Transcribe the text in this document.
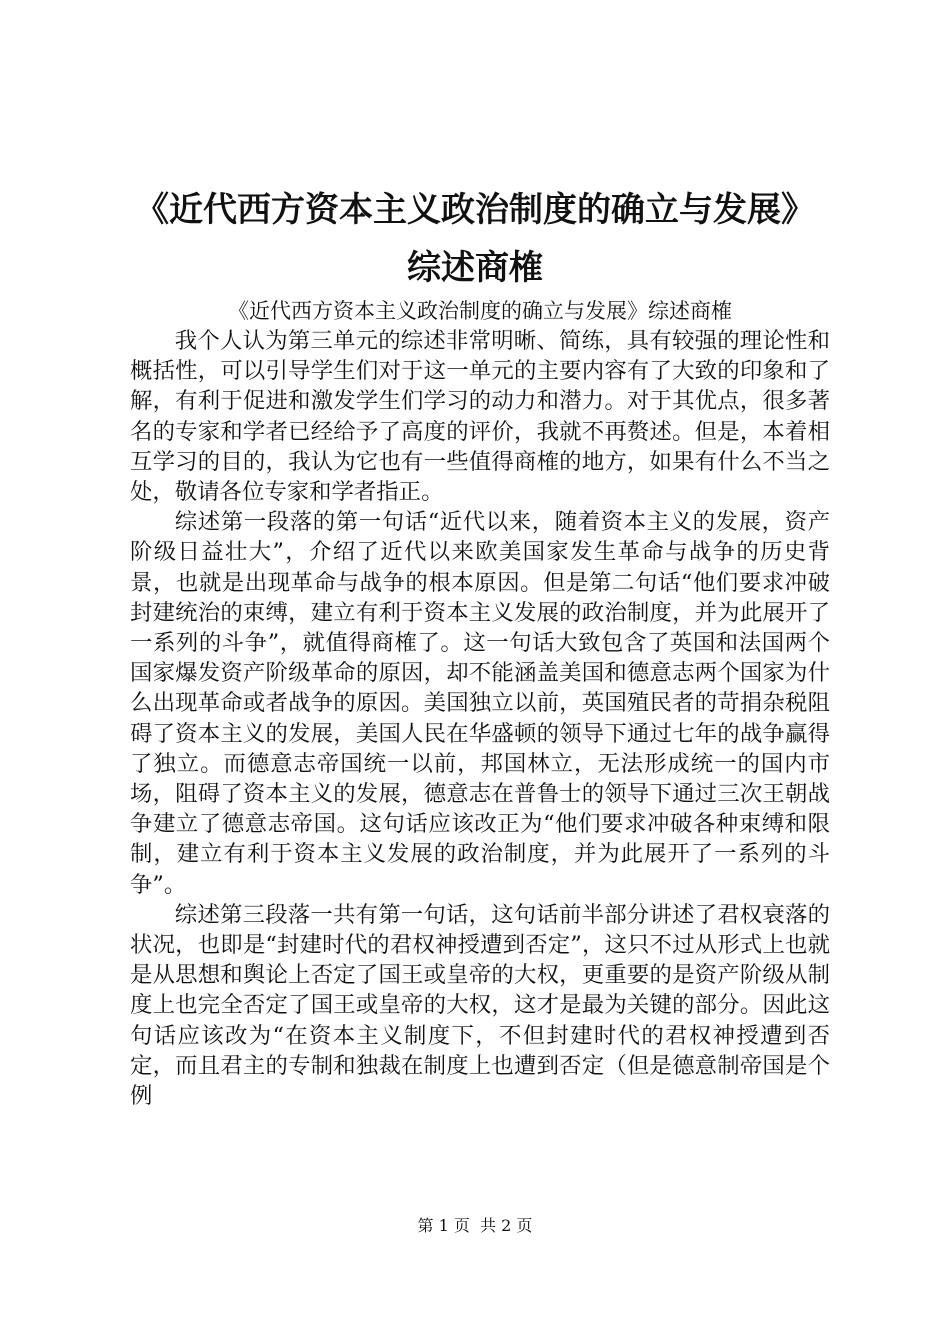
《近代西方资本主义政治制度的确立与发展》
综述商榷

《近代西方资本主义政治制度的确立与发展》综述商榷

我个人认为第三单元的综述非常明晰、简练，具有较强的理论性和概括性，可以引导学生们对于这一单元的主要内容有了大致的印象和了解，有利于促进和激发学生们学习的动力和潜力。对于其优点，很多著名的专家和学者已经给予了高度的评价，我就不再赘述。但是，本着相互学习的目的，我认为它也有一些值得商榷的地方，如果有什么不当之处，敬请各位专家和学者指正。

综述第一段落的第一句话“近代以来，随着资本主义的发展，资产阶级日益壮大”，介绍了近代以来欧美国家发生革命与战争的历史背景，也就是出现革命与战争的根本原因。但是第二句话“他们要求冲破封建统治的束缚，建立有利于资本主义发展的政治制度，并为此展开了一系列的斗争”，就值得商榷了。这一句话大致包含了英国和法国两个国家爆发资产阶级革命的原因，却不能涵盖美国和德意志两个国家为什么出现革命或者战争的原因。美国独立以前，英国殖民者的苛捐杂税阻碍了资本主义的发展，美国人民在华盛顿的领导下通过七年的战争赢得了独立。而德意志帝国统一以前，邦国林立，无法形成统一的国内市场，阻碍了资本主义的发展，德意志在普鲁士的领导下通过三次王朝战争建立了德意志帝国。这句话应该改正为“他们要求冲破各种束缚和限制，建立有利于资本主义发展的政治制度，并为此展开了一系列的斗争”。

综述第三段落一共有第一句话，这句话前半部分讲述了君权衰落的状况，也即是“封建时代的君权神授遭到否定”，这只不过从形式上也就是从思想和舆论上否定了国王或皇帝的大权，更重要的是资产阶级从制度上也完全否定了国王或皇帝的大权，这才是最为关键的部分。因此这句话应该改为“在资本主义制度下，不但封建时代的君权神授遭到否定，而且君主的专制和独裁在制度上也遭到否定（但是德意制帝国是个例

第 1 页  共 2 页
